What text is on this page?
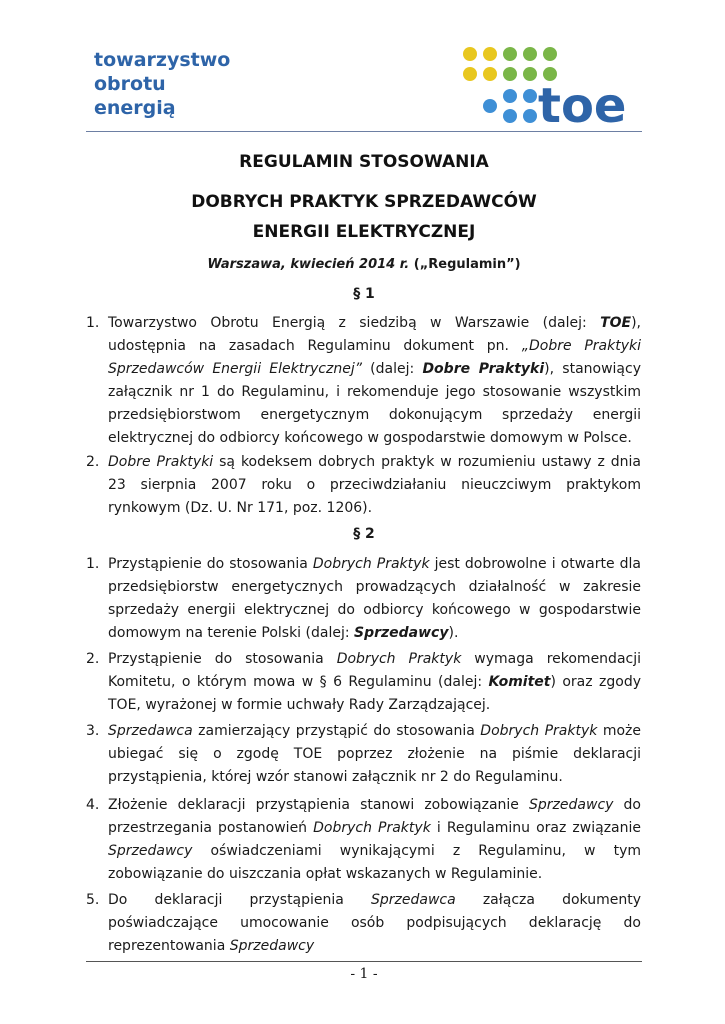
towarzystwo
obrotu
energią	toe
REGULAMIN STOSOWANIA
DOBRYCH PRAKTYK SPRZEDAWCÓW
ENERGII ELEKTRYCZNEJ
Warszawa, kwiecień 2014 r. („Regulamin”)
§ 1
1. Towarzystwo Obrotu Energią z siedzibą w Warszawie (dalej: TOE), udostępnia na zasadach Regulaminu dokument pn. „Dobre Praktyki Sprzedawców Energii Elektrycznej” (dalej: Dobre Praktyki), stanowiący załącznik nr 1 do Regulaminu, i rekomenduje jego stosowanie wszystkim przedsiębiorstwom energetycznym dokonującym sprzedaży energii elektrycznej do odbiorcy końcowego w gospodarstwie domowym w Polsce.
2. Dobre Praktyki są kodeksem dobrych praktyk w rozumieniu ustawy z dnia 23 sierpnia 2007 roku o przeciwdziałaniu nieuczciwym praktykom rynkowym (Dz. U. Nr 171, poz. 1206).
§ 2
1. Przystąpienie do stosowania Dobrych Praktyk jest dobrowolne i otwarte dla przedsiębiorstw energetycznych prowadzących działalność w zakresie sprzedaży energii elektrycznej do odbiorcy końcowego w gospodarstwie domowym na terenie Polski (dalej: Sprzedawcy).
2. Przystąpienie do stosowania Dobrych Praktyk wymaga rekomendacji Komitetu, o którym mowa w § 6 Regulaminu (dalej: Komitet) oraz zgody TOE, wyrażonej w formie uchwały Rady Zarządzającej.
3. Sprzedawca zamierzający przystąpić do stosowania Dobrych Praktyk może ubiegać się o zgodę TOE poprzez złożenie na piśmie deklaracji przystąpienia, której wzór stanowi załącznik nr 2 do Regulaminu.
4. Złożenie deklaracji przystąpienia stanowi zobowiązanie Sprzedawcy do przestrzegania postanowień Dobrych Praktyk i Regulaminu oraz związanie Sprzedawcy oświadczeniami wynikającymi z Regulaminu, w tym zobowiązanie do uiszczania opłat wskazanych w Regulaminie.
5. Do deklaracji przystąpienia Sprzedawca załącza dokumenty poświadczające umocowanie osób podpisujących deklarację do reprezentowania Sprzedawcy
- 1 -
